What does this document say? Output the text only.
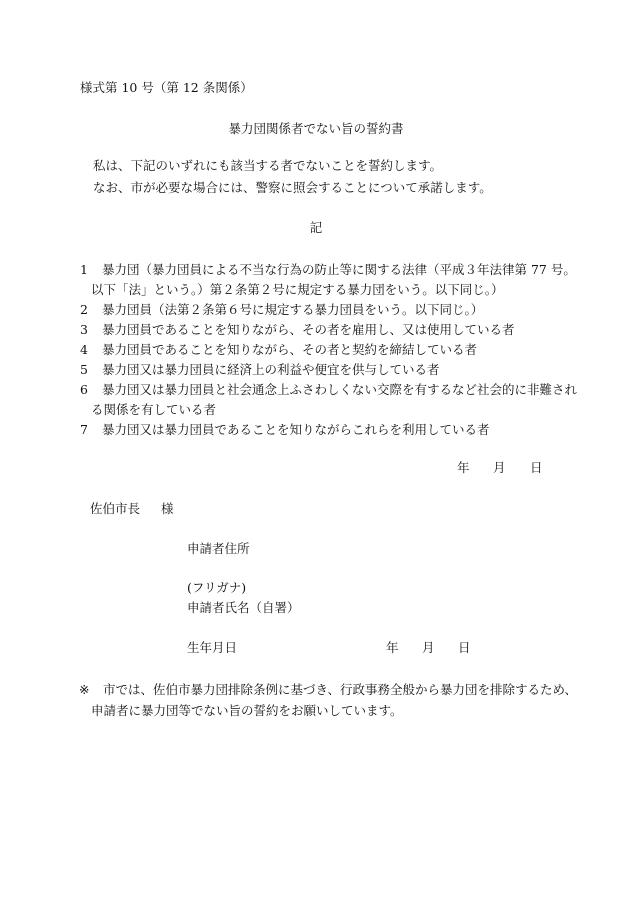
様式第 10 号（第 12 条関係）
暴力団関係者でない旨の誓約書
私は、下記のいずれにも該当する者でないことを誓約します。
なお、市が必要な場合には、警察に照会することについて承諾します。
記
1 暴力団（暴力団員による不当な行為の防止等に関する法律（平成３年法律第 77 号。
以下「法」という。）第２条第２号に規定する暴力団をいう。以下同じ。）
2 暴力団員（法第２条第６号に規定する暴力団員をいう。以下同じ。）
3 暴力団員であることを知りながら、その者を雇用し、又は使用している者
4 暴力団員であることを知りながら、その者と契約を締結している者
5 暴力団又は暴力団員に経済上の利益や便宜を供与している者
6 暴力団又は暴力団員と社会通念上ふさわしくない交際を有するなど社会的に非難され
る関係を有している者
7 暴力団又は暴力団員であることを知りながらこれらを利用している者
年 月 日
佐伯市長 様
申請者住所
(フリガナ)
申請者氏名（自署）
生年月日	年 月 日
※ 市では、佐伯市暴力団排除条例に基づき、行政事務全般から暴力団を排除するため、
申請者に暴力団等でない旨の誓約をお願いしています。
